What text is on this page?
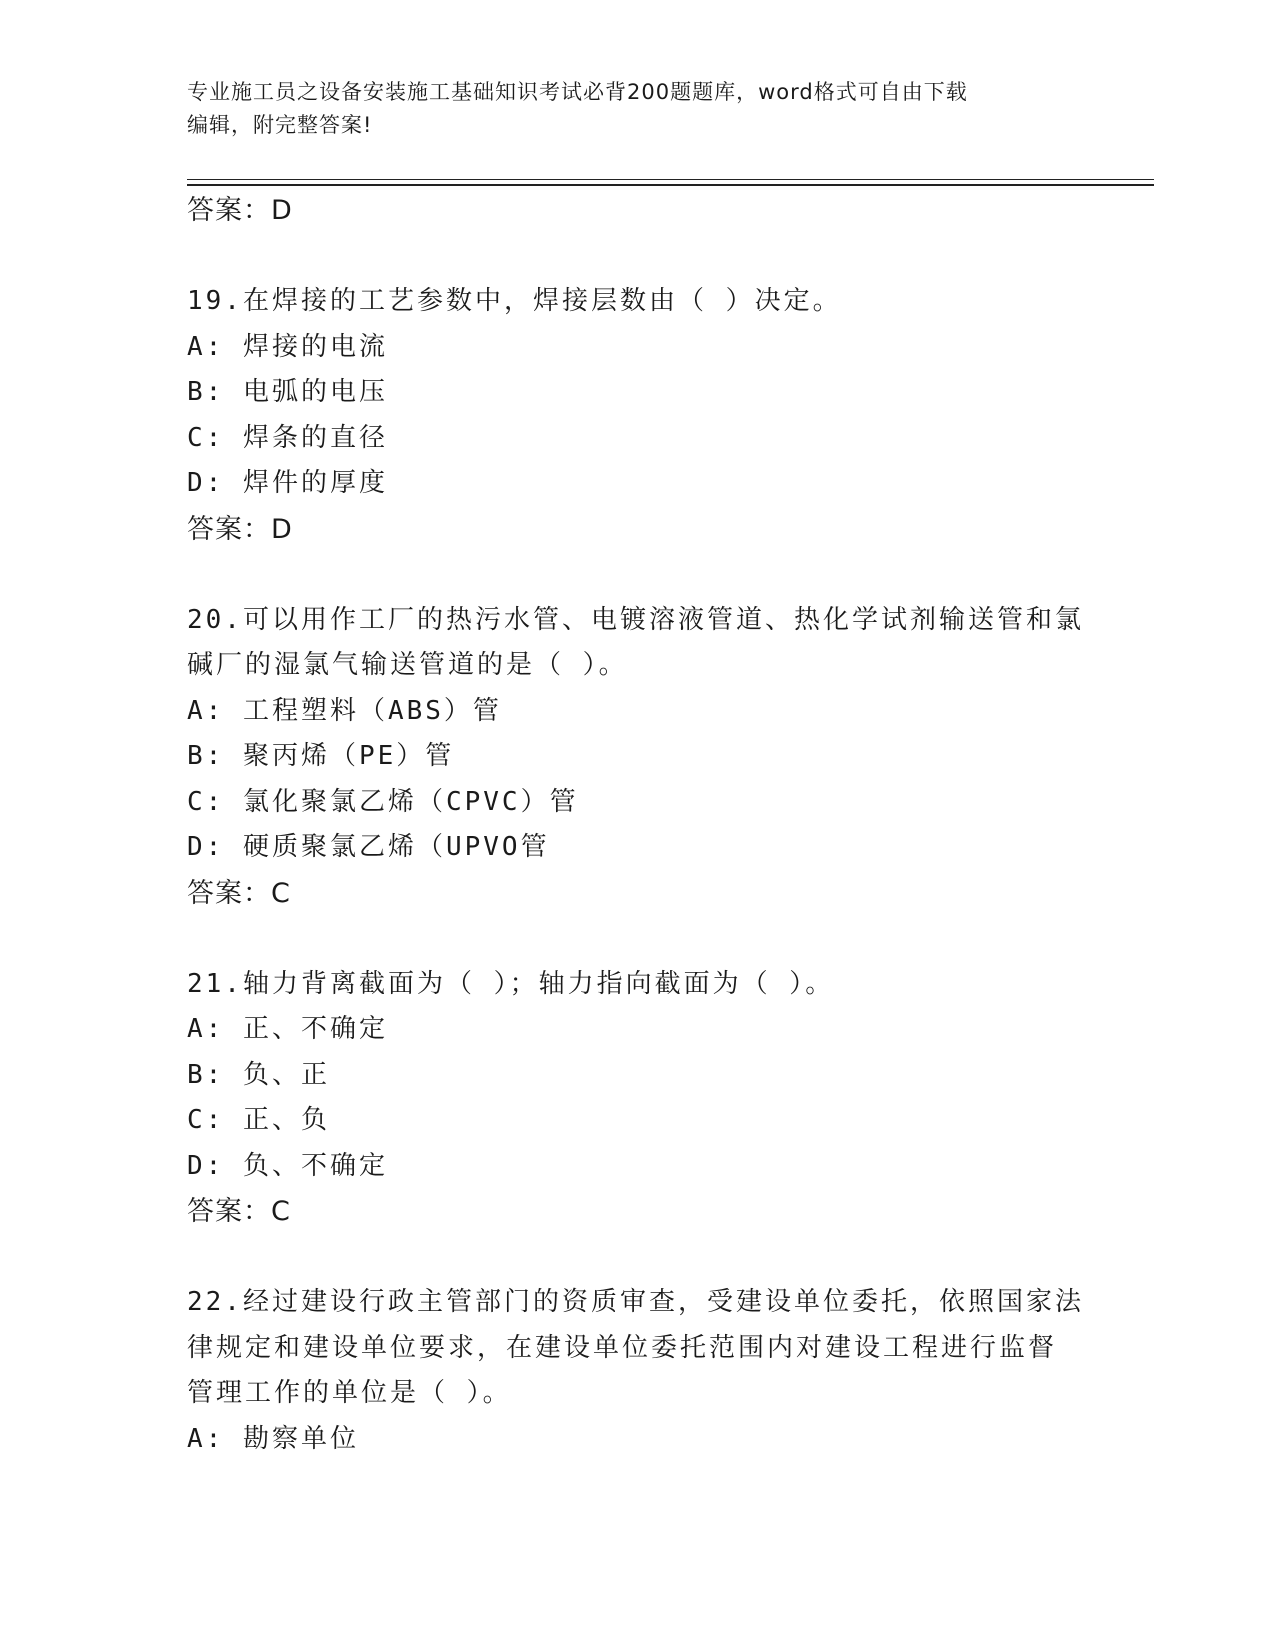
专业施工员之设备安装施工基础知识考试必背200题题库，word格式可自由下载
编辑，附完整答案!
答案：D
19.在焊接的工艺参数中，焊接层数由（ ）决定。
A: 焊接的电流
B: 电弧的电压
C: 焊条的直径
D: 焊件的厚度
答案：D
20.可以用作工厂的热污水管、电镀溶液管道、热化学试剂输送管和氯
碱厂的湿氯气输送管道的是（ ）。
A: 工程塑料（ABS）管
B: 聚丙烯（PE）管
C: 氯化聚氯乙烯（CPVC）管
D: 硬质聚氯乙烯（UPVO管
答案：C
21.轴力背离截面为（ ）；轴力指向截面为（ ）。
A: 正、不确定
B: 负、正
C: 正、负
D: 负、不确定
答案：C
22.经过建设行政主管部门的资质审查，受建设单位委托，依照国家法
律规定和建设单位要求，在建设单位委托范围内对建设工程进行监督
管理工作的单位是（ ）。
A: 勘察单位
